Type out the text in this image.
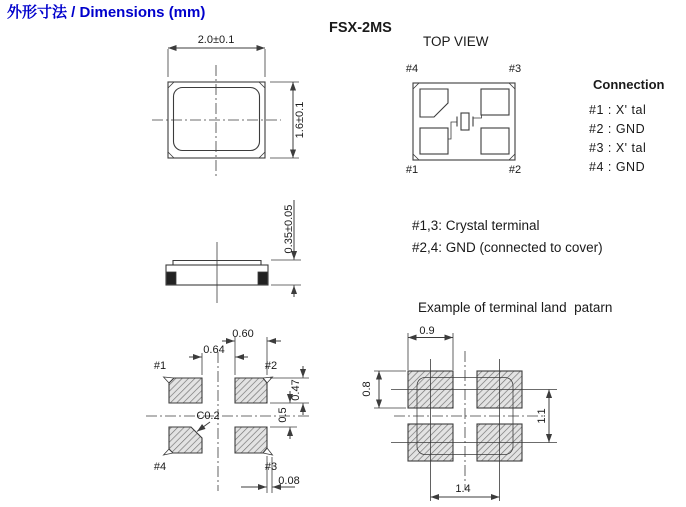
外形寸法 / Dimensions (mm)
FSX-2MS
TOP VIEW
#4	#3
#1	#2
Connection
#1 : X' tal
#2 : GND
#3 : X' tal
#4 : GND
#1,3: Crystal terminal
#2,4: GND (connected to cover)
Example of terminal land  patarn
2.0±0.1
1.6±0.1
0.35±0.05
#1	#2
#4	#3
0.60
0.64
C0.2
0.47
0.5
0.08
0.9
0.8
1.1
1.4
